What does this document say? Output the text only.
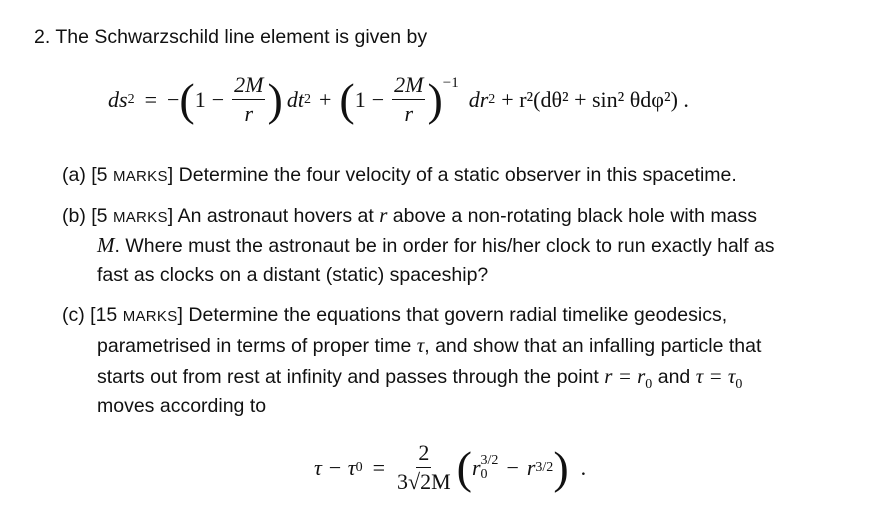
2. The Schwarzschild line element is given by
ds 2 = − ( $1 - \frac{2M}{r}$ ) dt 2 + ( $1 - \frac{2M}{r}$ ) −1
dr 2 + r²(dθ² + sin² θdφ²) .
(a) [5 MARKS] Determine the four velocity of a static observer in this spacetime.
(b) [5 MARKS] An astronaut hovers at r above a non-rotating black hole with mass
M. Where must the astronaut be in order for his/her clock to run exactly half as
fast as clocks on a distant (static) spaceship?
(c) [15 MARKS] Determine the equations that govern radial timelike geodesics,
parametrised in terms of proper time τ, and show that an infalling particle that
starts out from rest at infinity and passes through the point $r = r_0$ and $\tau = \tau_0$
moves according to
τ − τ $0 = \frac{2}{3√2M}$ ( r 3/2
0 − r 3/2 ) .
